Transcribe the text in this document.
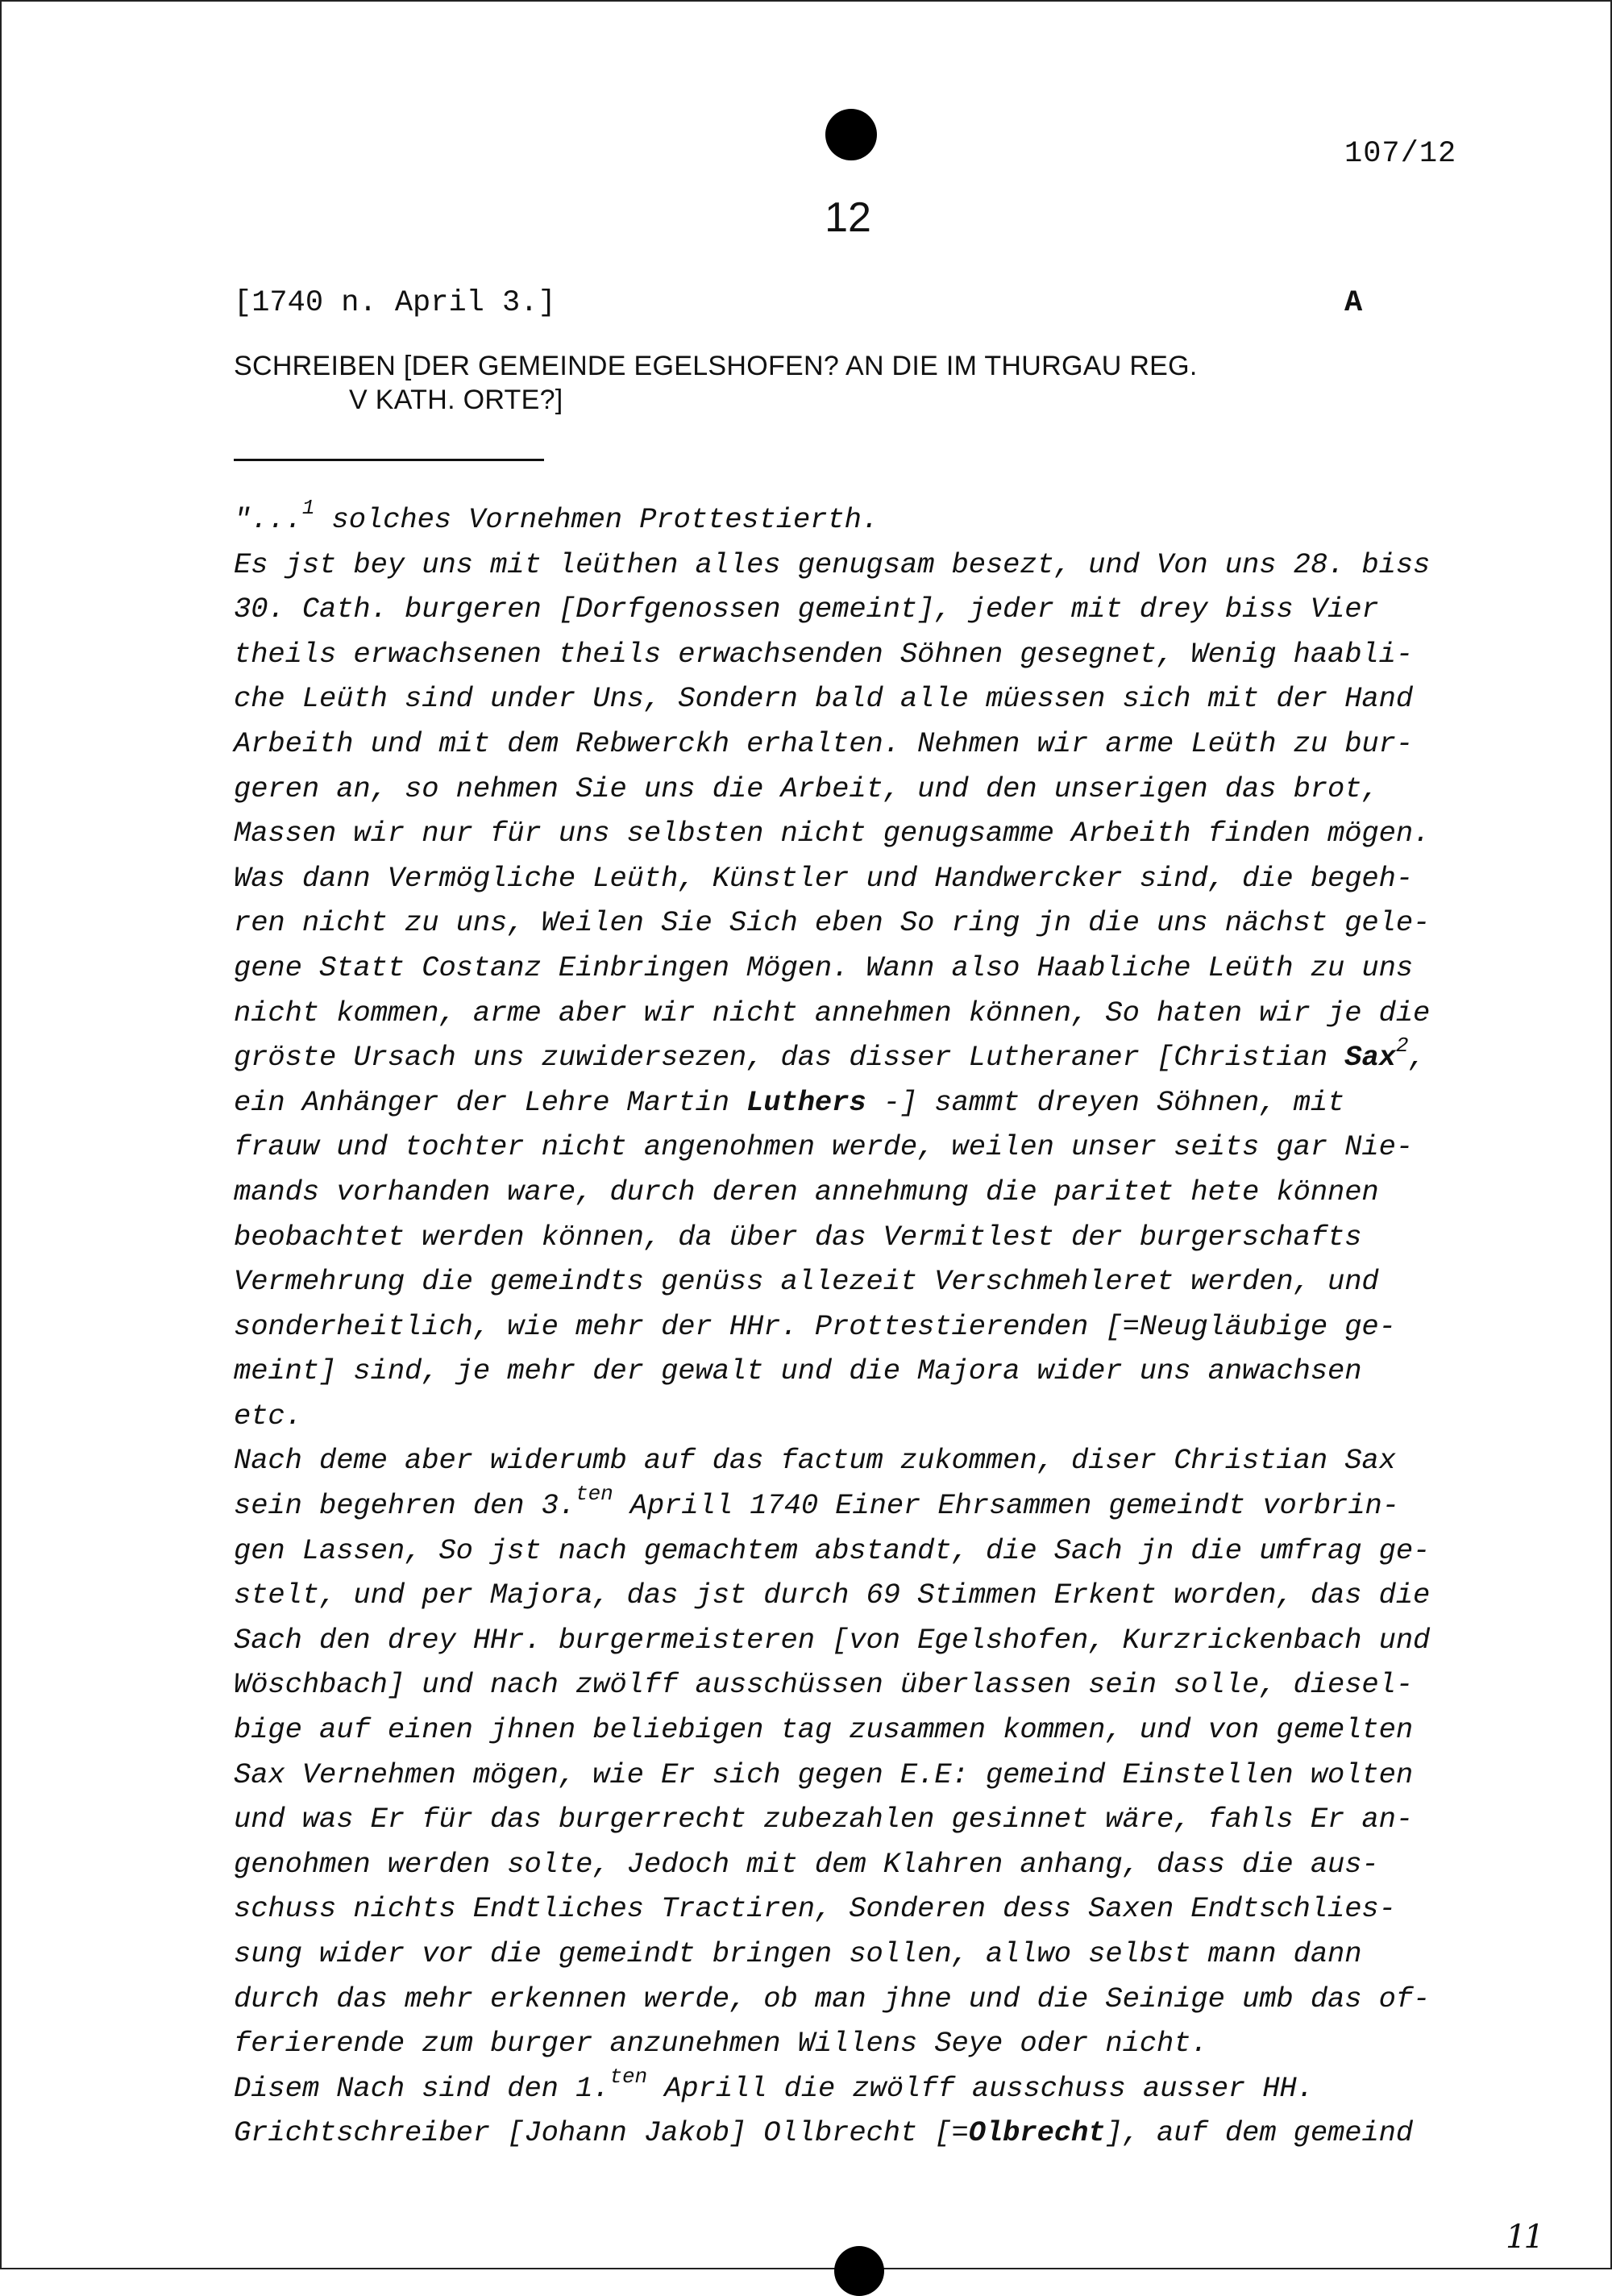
107/12
12
[1740 n. April 3.]	A
SCHREIBEN [DER GEMEINDE EGELSHOFEN? AN DIE IM THURGAU REG.
V KATH. ORTE?]
"...$^1$ solches Vornehmen Prottestierth.
Es jst bey uns mit leüthen alles genugsam besezt, und Von uns 28. biss
30. Cath. burgeren [Dorfgenossen gemeint], jeder mit drey biss Vier
theils erwachsenen theils erwachsenden Söhnen gesegnet, Wenig haabli-
che Leüth sind under Uns, Sondern bald alle müessen sich mit der Hand
Arbeith und mit dem Rebwerckh erhalten. Nehmen wir arme Leüth zu bur-
geren an, so nehmen Sie uns die Arbeit, und den unserigen das brot,
Massen wir nur für uns selbsten nicht genugsamme Arbeith finden mögen.
Was dann Vermögliche Leüth, Künstler und Handwercker sind, die begeh-
ren nicht zu uns, Weilen Sie Sich eben So ring jn die uns nächst gele-
gene Statt Costanz Einbringen Mögen. Wann also Haabliche Leüth zu uns
nicht kommen, arme aber wir nicht annehmen können, So haten wir je die
gröste Ursach uns zuwidersezen, das disser Lutheraner [Christian Sax$^2$,
ein Anhänger der Lehre Martin Luthers -] sammt dreyen Söhnen, mit
frauw und tochter nicht angenohmen werde, weilen unser seits gar Nie-
mands vorhanden ware, durch deren annehmung die paritet hete können
beobachtet werden können, da über das Vermitlest der burgerschafts
Vermehrung die gemeindts genüss allezeit Verschmehleret werden, und
sonderheitlich, wie mehr der HHr. Prottestierenden [=Neugläubige ge-
meint] sind, je mehr der gewalt und die Majora wider uns anwachsen
etc.
Nach deme aber widerumb auf das factum zukommen, diser Christian Sax
sein begehren den 3.$^{ten}$ Aprill 1740 Einer Ehrsammen gemeindt vorbrin-
gen Lassen, So jst nach gemachtem abstandt, die Sach jn die umfrag ge-
stelt, und per Majora, das jst durch 69 Stimmen Erkent worden, das die
Sach den drey HHr. burgermeisteren [von Egelshofen, Kurzrickenbach und
Wöschbach] und nach zwölff ausschüssen überlassen sein solle, diesel-
bige auf einen jhnen beliebigen tag zusammen kommen, und von gemelten
Sax Vernehmen mögen, wie Er sich gegen E.E: gemeind Einstellen wolten
und was Er für das burgerrecht zubezahlen gesinnet wäre, fahls Er an-
genohmen werden solte, Jedoch mit dem Klahren anhang, dass die aus-
schuss nichts Endtliches Tractiren, Sonderen dess Saxen Endtschlies-
sung wider vor die gemeindt bringen sollen, allwo selbst mann dann
durch das mehr erkennen werde, ob man jhne und die Seinige umb das of-
ferierende zum burger anzunehmen Willens Seye oder nicht.
Disem Nach sind den 1.$^{ten}$ Aprill die zwölff ausschuss ausser HH.
Grichtschreiber [Johann Jakob] Ollbrecht [=Olbrecht], auf dem gemeind
11
